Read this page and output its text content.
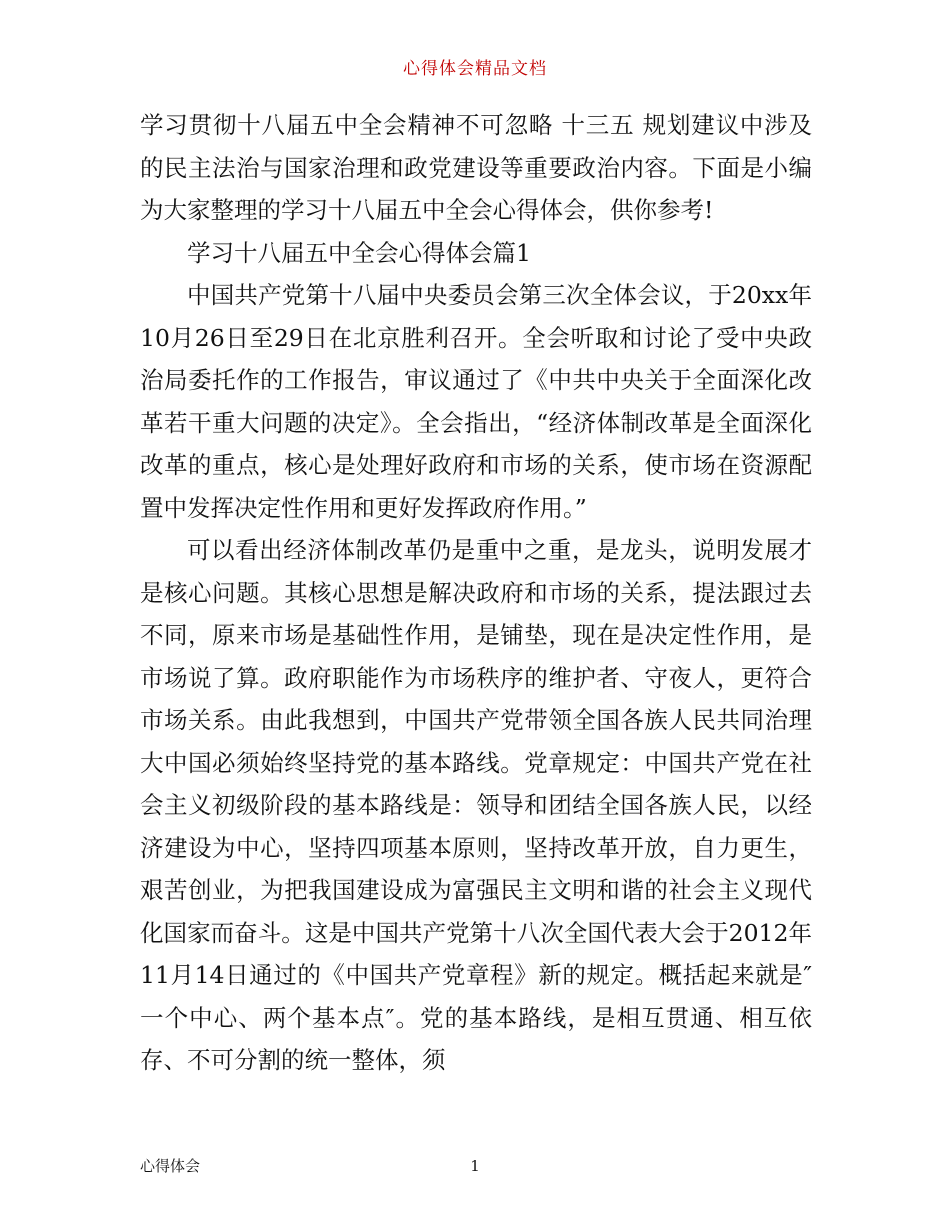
心得体会精品文档

学习贯彻十八届五中全会精神不可忽略 十三五 规划建议中涉及的民主法治与国家治理和政党建设等重要政治内容。下面是小编为大家整理的学习十八届五中全会心得体会，供你参考!

学习十八届五中全会心得体会篇1

中国共产党第十八届中央委员会第三次全体会议，于20xx年10月26日至29日在北京胜利召开。全会听取和讨论了受中央政治局委托作的工作报告，审议通过了《中共中央关于全面深化改革若干重大问题的决定》。全会指出，“经济体制改革是全面深化改革的重点，核心是处理好政府和市场的关系，使市场在资源配置中发挥决定性作用和更好发挥政府作用。”

可以看出经济体制改革仍是重中之重，是龙头，说明发展才是核心问题。其核心思想是解决政府和市场的关系，提法跟过去不同，原来市场是基础性作用，是铺垫，现在是决定性作用，是市场说了算。政府职能作为市场秩序的维护者、守夜人，更符合市场关系。由此我想到，中国共产党带领全国各族人民共同治理大中国必须始终坚持党的基本路线。党章规定：中国共产党在社会主义初级阶段的基本路线是：领导和团结全国各族人民，以经济建设为中心，坚持四项基本原则，坚持改革开放，自力更生，艰苦创业，为把我国建设成为富强民主文明和谐的社会主义现代化国家而奋斗。这是中国共产党第十八次全国代表大会于2012年11月14日通过的《中国共产党章程》新的规定。概括起来就是″一个中心、两个基本点″。党的基本路线，是相互贯通、相互依存、不可分割的统一整体，须

心得体会	1
